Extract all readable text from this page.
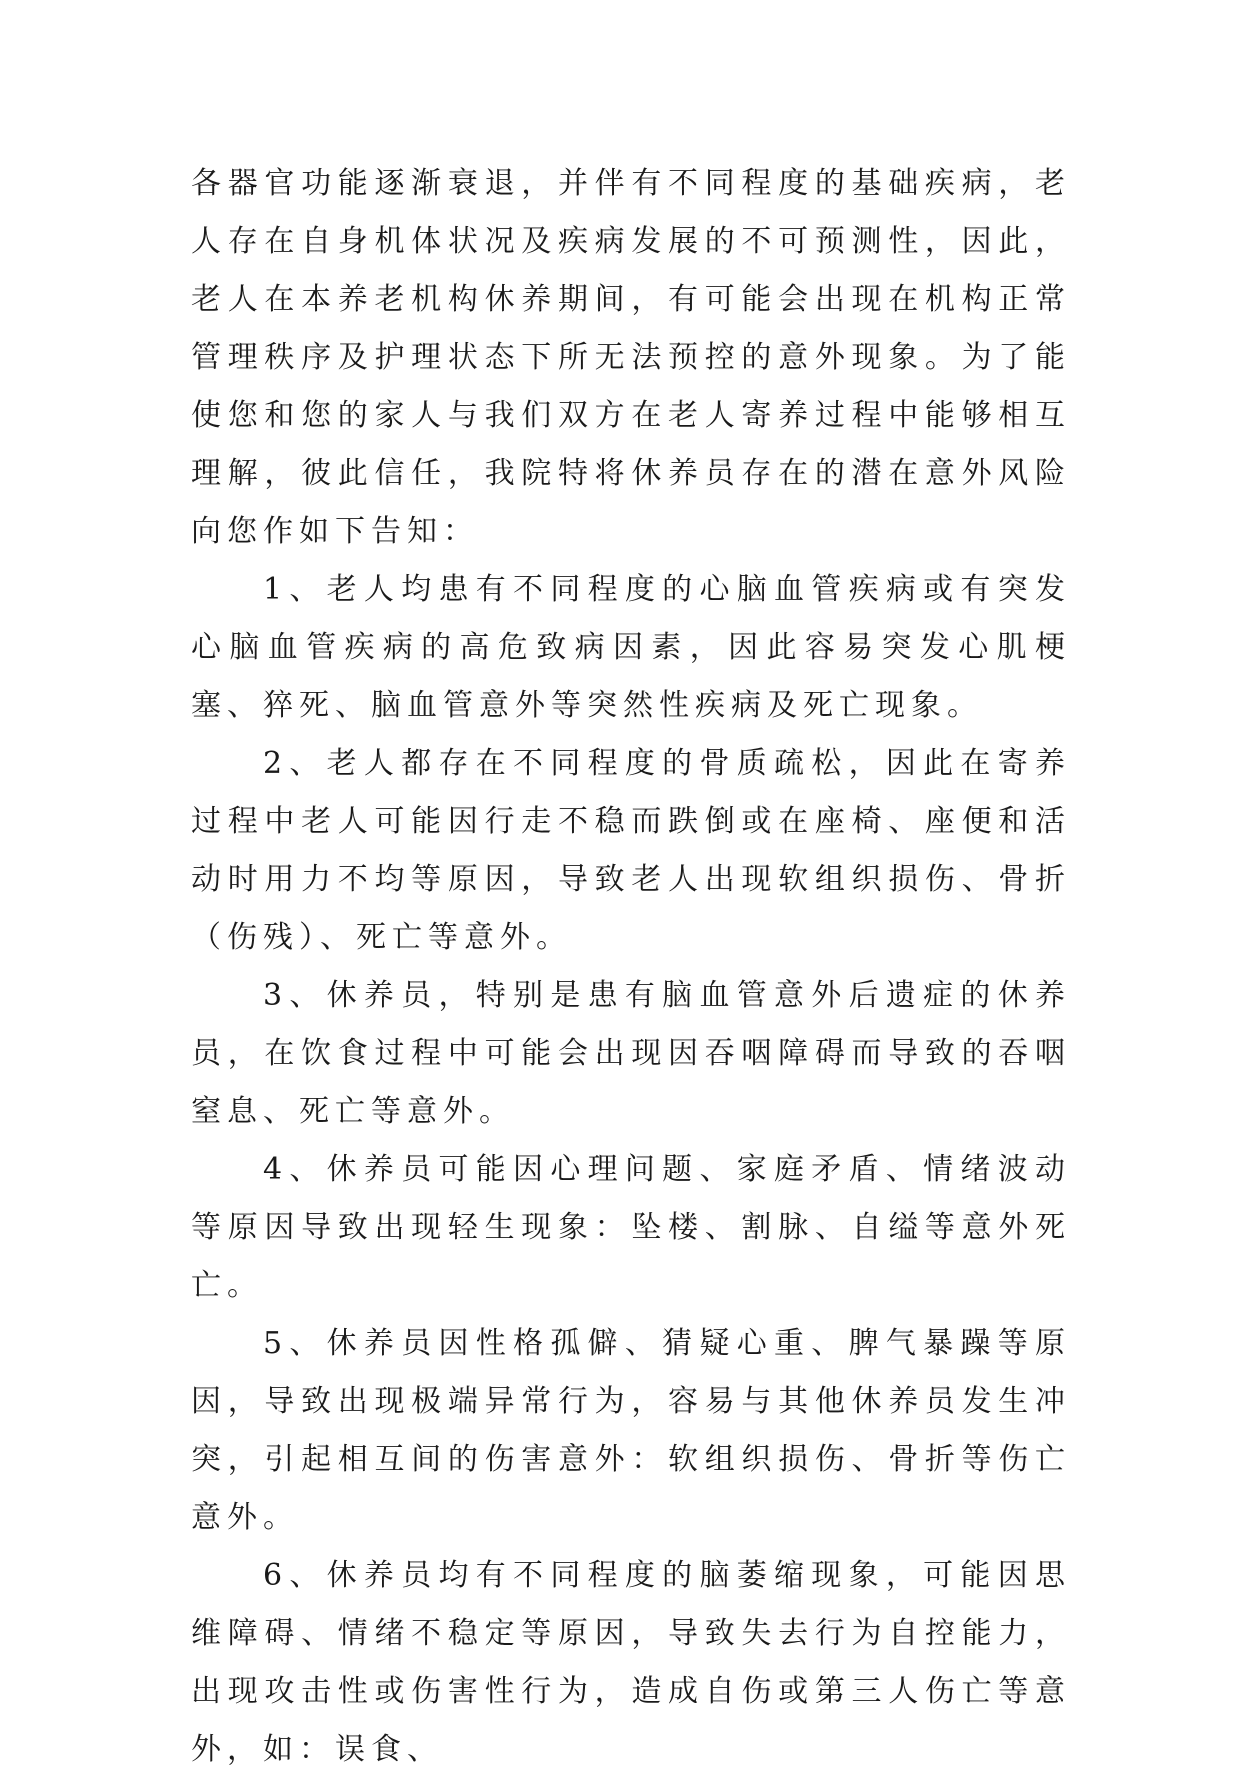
各器官功能逐渐衰退，并伴有不同程度的基础疾病，老人存在自身机体状况及疾病发展的不可预测性，因此，老人在本养老机构休养期间，有可能会出现在机构正常管理秩序及护理状态下所无法预控的意外现象。为了能使您和您的家人与我们双方在老人寄养过程中能够相互理解，彼此信任，我院特将休养员存在的潜在意外风险向您作如下告知：

1、老人均患有不同程度的心脑血管疾病或有突发心脑血管疾病的高危致病因素，因此容易突发心肌梗塞、猝死、脑血管意外等突然性疾病及死亡现象。

2、老人都存在不同程度的骨质疏松，因此在寄养过程中老人可能因行走不稳而跌倒或在座椅、座便和活动时用力不均等原因，导致老人出现软组织损伤、骨折（伤残）、死亡等意外。

3、休养员，特别是患有脑血管意外后遗症的休养员，在饮食过程中可能会出现因吞咽障碍而导致的吞咽窒息、死亡等意外。

4、休养员可能因心理问题、家庭矛盾、情绪波动等原因导致出现轻生现象：坠楼、割脉、自缢等意外死亡。

5、休养员因性格孤僻、猜疑心重、脾气暴躁等原因，导致出现极端异常行为，容易与其他休养员发生冲突，引起相互间的伤害意外：软组织损伤、骨折等伤亡意外。

6、休养员均有不同程度的脑萎缩现象，可能因思维障碍、情绪不稳定等原因，导致失去行为自控能力，出现攻击性或伤害性行为，造成自伤或第三人伤亡等意外，如：误食、
